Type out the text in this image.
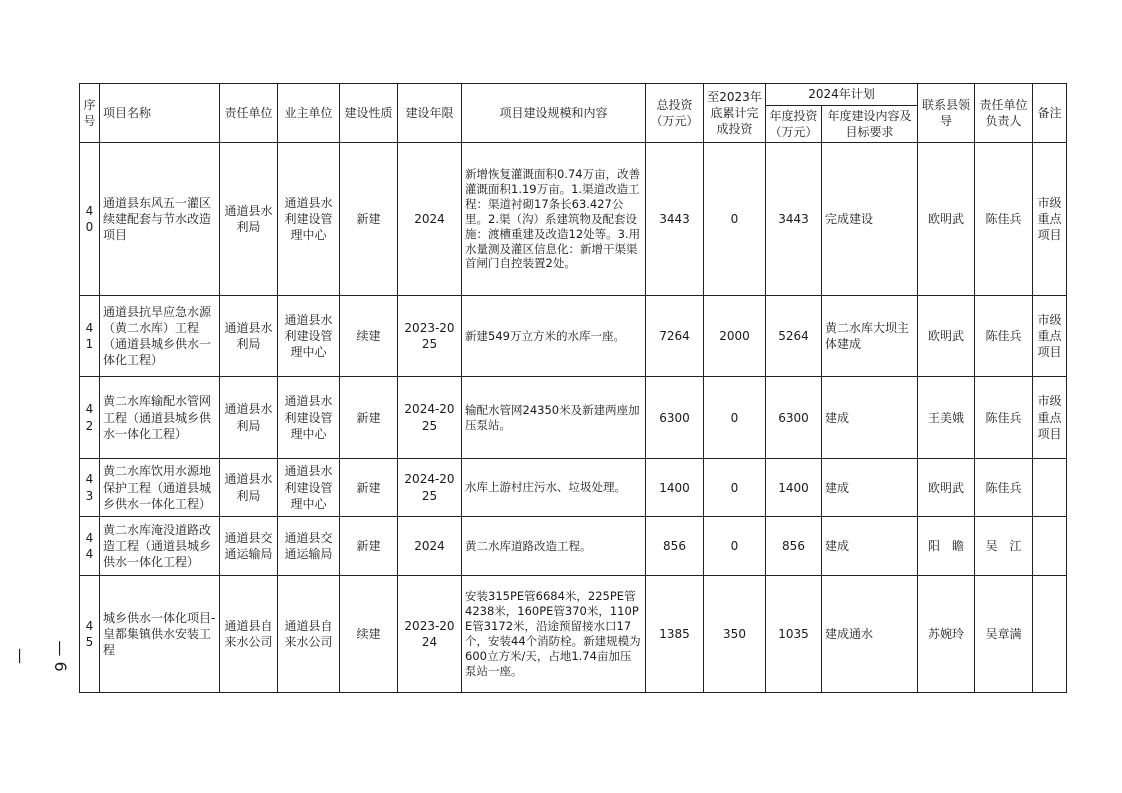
序号	项目名称	责任单位	业主单位	建设性质	建设年限	项目建设规模和内容	总投资（万元）	至2023年底累计完成投资	2024年计划		联系县领导	责任单位负责人	备注
									年度投资（万元）	年度建设内容及目标要求			
40	通道县东风五一灌区续建配套与节水改造项目	通道县水利局	通道县水利建设管理中心	新建	2024	新增恢复灌溉面积0.74万亩，改善灌溉面积1.19万亩。1.渠道改造工程：渠道衬砌17条长63.427公里。2.渠（沟）系建筑物及配套设施：渡槽重建及改造12处等。3.用水量测及灌区信息化：新增干渠渠首闸门自控装置2处。	3443	0	3443	完成建设	欧明武	陈佳兵	市级重点项目
41	通道县抗旱应急水源（黄二水库）工程（通道县城乡供水一体化工程）	通道县水利局	通道县水利建设管理中心	续建	2023-2025	新建549万立方米的水库一座。	7264	2000	5264	黄二水库大坝主体建成	欧明武	陈佳兵	市级重点项目
42	黄二水库输配水管网工程（通道县城乡供水一体化工程）	通道县水利局	通道县水利建设管理中心	新建	2024-2025	输配水管网24350米及新建两座加压泵站。	6300	0	6300	建成	王美娥	陈佳兵	市级重点项目
43	黄二水库饮用水源地保护工程（通道县城乡供水一体化工程）	通道县水利局	通道县水利建设管理中心	新建	2024-2025	水库上游村庄污水、垃圾处理。	1400	0	1400	建成	欧明武	陈佳兵	
44	黄二水库淹没道路改造工程（通道县城乡供水一体化工程）	通道县交通运输局	通道县交通运输局	新建	2024	黄二水库道路改造工程。	856	0	856	建成	阳　瞻	吴　江	
45	城乡供水一体化项目-皇都集镇供水安装工程	通道县自来水公司	通道县自来水公司	续建	2023-2024	安装315PE管6684米，225PE管4238米，160PE管370米，110PE管3172米，沿途预留接水口17个，安装44个消防栓。新建规模为600立方米/天，占地1.74亩加压泵站一座。	1385	350	1035	建成通水	苏婉玲	吴章满	
— 6 —
